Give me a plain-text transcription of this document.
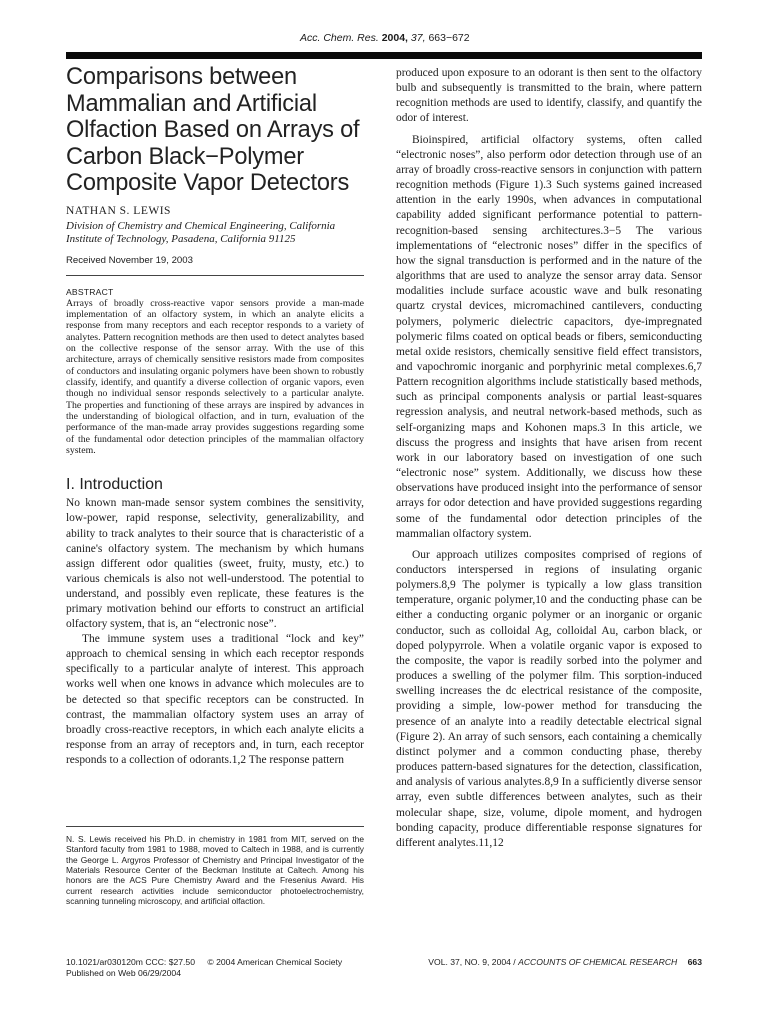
Acc. Chem. Res. 2004, 37, 663−672
Comparisons between Mammalian and Artificial Olfaction Based on Arrays of Carbon Black−Polymer Composite Vapor Detectors
NATHAN S. LEWIS
Division of Chemistry and Chemical Engineering, California Institute of Technology, Pasadena, California 91125
Received November 19, 2003
ABSTRACT
Arrays of broadly cross-reactive vapor sensors provide a man-made implementation of an olfactory system, in which an analyte elicits a response from many receptors and each receptor responds to a variety of analytes. Pattern recognition methods are then used to detect analytes based on the collective response of the sensor array. With the use of this architecture, arrays of chemically sensitive resistors made from composites of conductors and insulating organic polymers have been shown to robustly classify, identify, and quantify a diverse collection of organic vapors, even though no individual sensor responds selectively to a particular analyte. The properties and functioning of these arrays are inspired by advances in the understanding of biological olfaction, and in turn, evaluation of the performance of the man-made array provides suggestions regarding some of the fundamental odor detection principles of the mammalian olfactory system.
I. Introduction

No known man-made sensor system combines the sensitivity, low-power, rapid response, selectivity, generalizability, and ability to track analytes to their source that is characteristic of a canine's olfactory system. The mechanism by which humans assign different odor qualities (sweet, fruity, musty, etc.) to various chemicals is also not well-understood. The potential to understand, and possibly even replicate, these features is the primary motivation behind our efforts to construct an artificial olfactory system, that is, an “electronic nose”.

The immune system uses a traditional “lock and key” approach to chemical sensing in which each receptor responds specifically to a particular analyte of interest. This approach works well when one knows in advance which molecules are to be detected so that specific receptors can be constructed. In contrast, the mammalian olfactory system uses an array of broadly cross-reactive receptors, in which each analyte elicits a response from an array of receptors and, in turn, each receptor responds to a collection of odorants.1,2 The response pattern

N. S. Lewis received his Ph.D. in chemistry in 1981 from MIT, served on the Stanford faculty from 1981 to 1988, moved to Caltech in 1988, and is currently the George L. Argyros Professor of Chemistry and Principal Investigator of the Materials Resource Center of the Beckman Institute at Caltech. Among his honors are the ACS Pure Chemistry Award and the Fresenius Award. His current research activities include semiconductor photoelectrochemistry, scanning tunneling microscopy, and artificial olfaction.

produced upon exposure to an odorant is then sent to the olfactory bulb and subsequently is transmitted to the brain, where pattern recognition methods are used to identify, classify, and quantify the odor of interest.

Bioinspired, artificial olfactory systems, often called “electronic noses”, also perform odor detection through use of an array of broadly cross-reactive sensors in conjunction with pattern recognition methods (Figure 1).3 Such systems gained increased attention in the early 1990s, when advances in computational capability added significant performance potential to pattern-recognition-based sensing architectures.3−5 The various implementations of “electronic noses” differ in the specifics of how the signal transduction is performed and in the nature of the algorithms that are used to analyze the sensor array data. Sensor modalities include surface acoustic wave and bulk resonating quartz crystal devices, micromachined cantilevers, conducting polymers, polymeric dielectric capacitors, dye-impregnated polymeric films coated on optical beads or fibers, semiconducting metal oxide resistors, chemically sensitive field effect transistors, and vapochromic inorganic and porphyrinic metal complexes.6,7 Pattern recognition algorithms include statistically based methods, such as principal components analysis or partial least-squares regression analysis, and neutral network-based methods, such as self-organizing maps and Kohonen maps.3 In this article, we discuss the progress and insights that have arisen from recent work in our laboratory based on investigation of one such “electronic nose” system. Additionally, we discuss how these observations have produced insight into the performance of sensor arrays for odor detection and have provided suggestions regarding some of the fundamental odor detection principles of the mammalian olfactory system.

Our approach utilizes composites comprised of regions of conductors interspersed in regions of insulating organic polymers.8,9 The polymer is typically a low glass transition temperature, organic polymer,10 and the conducting phase can be either a conducting organic polymer or an inorganic or organic conductor, such as colloidal Ag, colloidal Au, carbon black, or doped polypyrrole. When a volatile organic vapor is exposed to the composite, the vapor is readily sorbed into the polymer and produces a swelling of the polymer film. This sorption-induced swelling increases the dc electrical resistance of the composite, providing a simple, low-power method for transducing the presence of an analyte into a readily detectable electrical signal (Figure 2). An array of such sensors, each containing a chemically distinct polymer and a common conducting phase, thereby produces pattern-based signatures for the detection, classification, and analysis of various analytes.8,9 In a sufficiently diverse sensor array, even subtle differences between analytes, such as their molecular shape, size, volume, dipole moment, and hydrogen bonding capacity, produce differentiable response signatures for different analytes.11,12

10.1021/ar030120m CCC: $27.50 © 2004 American Chemical Society
Published on Web 06/29/2004
VOL. 37, NO. 9, 2004 / ACCOUNTS OF CHEMICAL RESEARCH 663
